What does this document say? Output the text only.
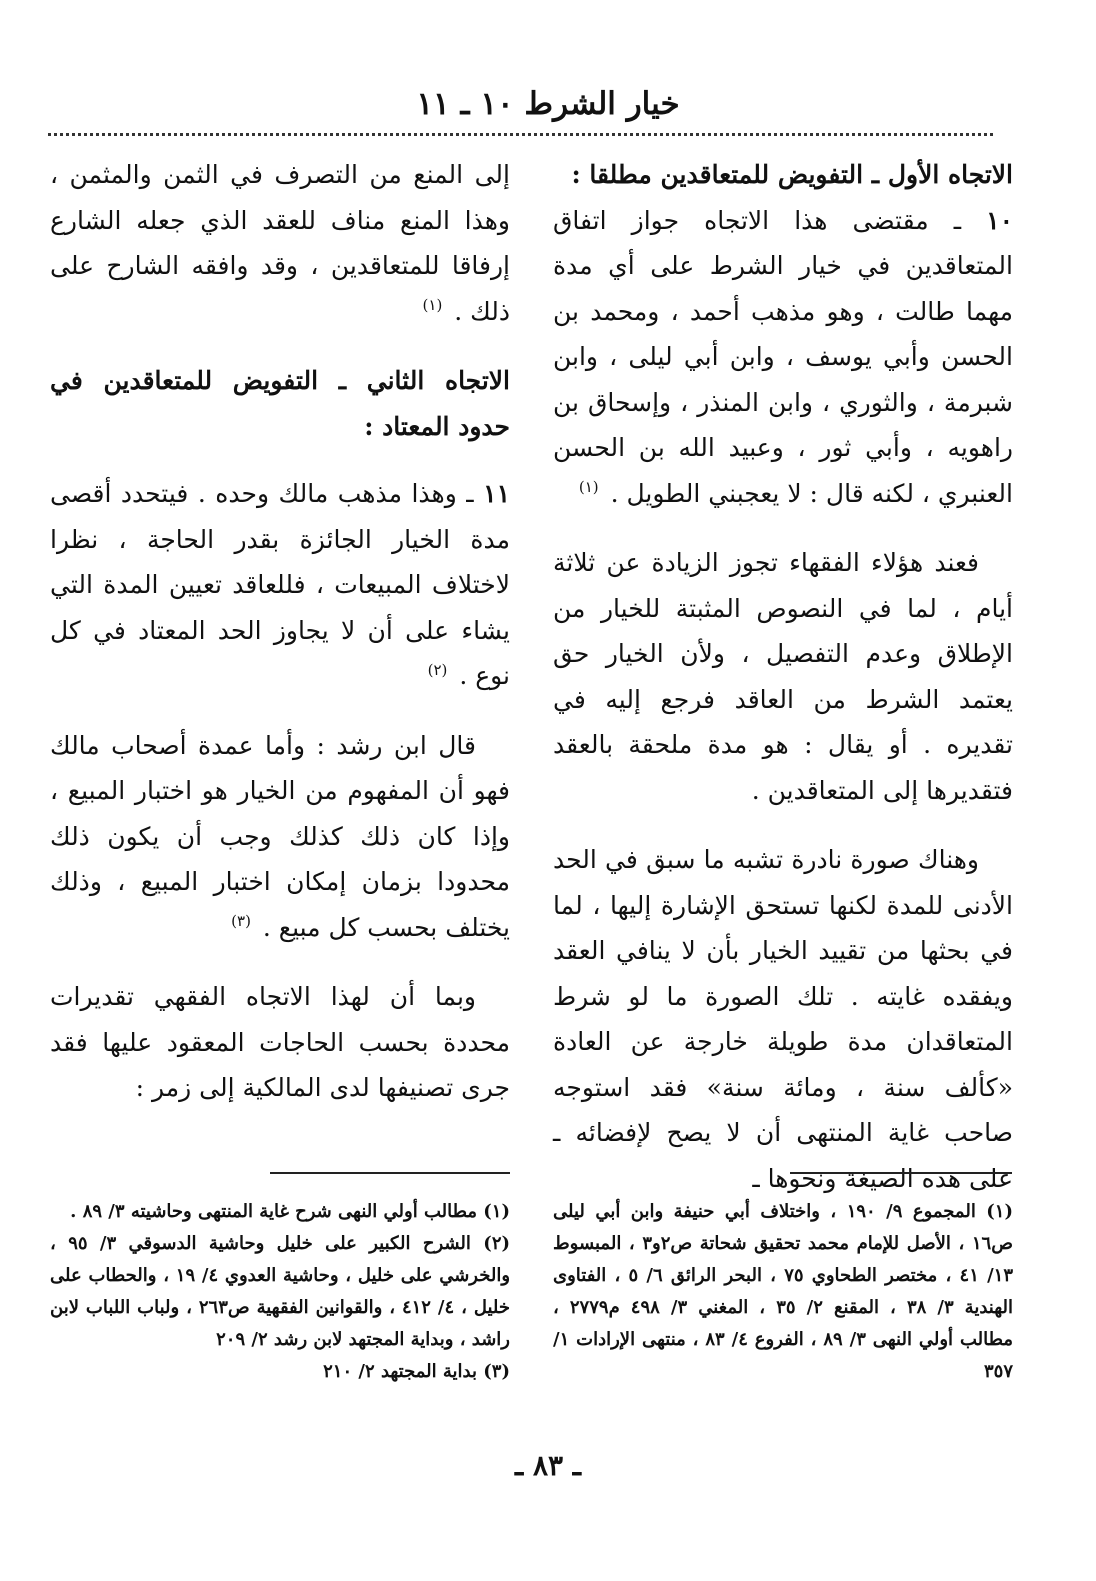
خيار الشرط ١٠ ـ ١١
الاتجاه الأول ـ التفويض للمتعاقدين مطلقا :

١٠ ـ مقتضى هذا الاتجاه جواز اتفاق المتعاقدين في خيار الشرط على أي مدة مهما طالت ، وهو مذهب أحمد ، ومحمد بن الحسن وأبي يوسف ، وابن أبي ليلى ، وابن شبرمة ، والثوري ، وابن المنذر ، وإسحاق بن راهويه ، وأبي ثور ، وعبيد الله بن الحسن العنبري ، لكنه قال : لا يعجبني الطويل . $^{(١)}$

فعند هؤلاء الفقهاء تجوز الزيادة عن ثلاثة أيام ، لما في النصوص المثبتة للخيار من الإطلاق وعدم التفصيل ، ولأن الخيار حق يعتمد الشرط من العاقد فرجع إليه في تقديره . أو يقال : هو مدة ملحقة بالعقد فتقديرها إلى المتعاقدين .

وهناك صورة نادرة تشبه ما سبق في الحد الأدنى للمدة لكنها تستحق الإشارة إليها ، لما في بحثها من تقييد الخيار بأن لا ينافي العقد ويفقده غايته . تلك الصورة ما لو شرط المتعاقدان مدة طويلة خارجة عن العادة «كألف سنة ، ومائة سنة» فقد استوجه صاحب غاية المنتهى أن لا يصح لإفضائه ـ على هذه الصيغة ونحوها ـ

إلى المنع من التصرف في الثمن والمثمن ، وهذا المنع مناف للعقد الذي جعله الشارع إرفاقا للمتعاقدين ، وقد وافقه الشارح على ذلك . $^{(١)}$

الاتجاه الثاني ـ التفويض للمتعاقدين في حدود المعتاد :

١١ ـ وهذا مذهب مالك وحده . فيتحدد أقصى مدة الخيار الجائزة بقدر الحاجة ، نظرا لاختلاف المبيعات ، فللعاقد تعيين المدة التي يشاء على أن لا يجاوز الحد المعتاد في كل نوع . $^{(٢)}$

قال ابن رشد : وأما عمدة أصحاب مالك فهو أن المفهوم من الخيار هو اختبار المبيع ، وإذا كان ذلك كذلك وجب أن يكون ذلك محدودا بزمان إمكان اختبار المبيع ، وذلك يختلف بحسب كل مبيع . $^{(٣)}$

وبما أن لهذا الاتجاه الفقهي تقديرات محددة بحسب الحاجات المعقود عليها فقد جرى تصنيفها لدى المالكية إلى زمر :

(١) المجموع ٩/ ١٩٠ ، واختلاف أبي حنيفة وابن أبي ليلى ص١٦ ، الأصل للإمام محمد تحقيق شحاتة ص٢و٣ ، المبسوط ١٣/ ٤١ ، مختصر الطحاوي ٧٥ ، البحر الرائق ٦/ ٥ ، الفتاوى الهندية ٣/ ٣٨ ، المقنع ٢/ ٣٥ ، المغني ٣/ ٤٩٨ م٢٧٧٩ ، مطالب أولي النهى ٣/ ٨٩ ، الفروع ٤/ ٨٣ ، منتهى الإرادات ١/ ٣٥٧
(١) مطالب أولي النهى شرح غاية المنتهى وحاشيته ٣/ ٨٩ .
(٢) الشرح الكبير على خليل وحاشية الدسوقي ٣/ ٩٥ ، والخرشي على خليل ، وحاشية العدوي ٤/ ١٩ ، والحطاب على خليل ، ٤/ ٤١٢ ، والقوانين الفقهية ص٢٦٣ ، ولباب اللباب لابن راشد ، وبداية المجتهد لابن رشد ٢/ ٢٠٩
(٣) بداية المجتهد ٢/ ٢١٠
ـ ٨٣ ـ
